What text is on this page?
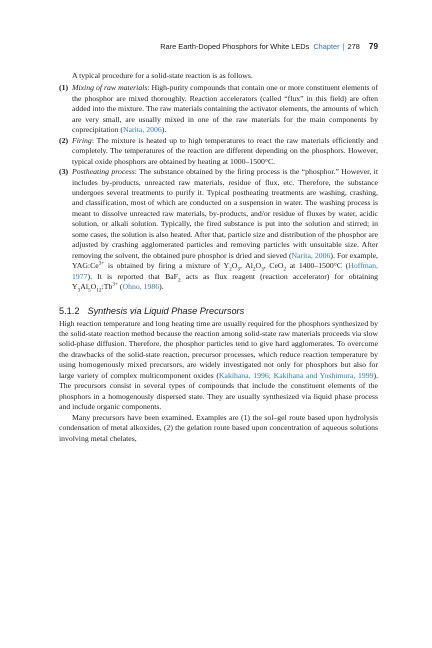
Rare Earth-Doped Phosphors for White LEDs Chapter | 278 79

A typical procedure for a solid-state reaction is as follows.

(1) Mixing of raw materials: High-purity compounds that contain one or more constituent elements of the phosphor are mixed thoroughly. Reaction accelerators (called “flux” in this field) are often added into the mixture. The raw materials containing the activator elements, the amounts of which are very small, are usually mixed in one of the raw materials for the main components by coprecipitation (Narita, 2006).

(2) Firing: The mixture is heated up to high temperatures to react the raw materials efficiently and completely. The temperatures of the reaction are different depending on the phosphors. However, typical oxide phosphors are obtained by heating at 1000–1500°C.

(3) Postheating process: The substance obtained by the firing process is the “phosphor.” However, it includes by-products, unreacted raw materials, residue of flux, etc. Therefore, the substance undergoes several treatments to purify it. Typical postheating treatments are washing, crashing, and classification, most of which are conducted on a suspension in water. The washing process is meant to dissolve unreacted raw materials, by-products, and/or residue of fluxes by water, acidic solution, or alkali solution. Typically, the fired substance is put into the solution and stirred; in some cases, the solution is also heated. After that, particle size and distribution of the phosphor are adjusted by crashing agglomerated particles and removing particles with unsuitable size. After removing the solvent, the obtained pure phosphor is dried and sieved (Narita, 2006). For example, $YAG:Ce^{3+}$ is obtained by firing a mixture of $Y_2O_3$, $Al_2O_3$, CeO$_2$ at 1400–1500°C (Hoffman, 1977). It is reported that BaF$_2$ acts as flux reagent (reaction accelerator) for obtaining $Y_3Al_5O_{12}:Tb^{3+}$ (Ohno, 1986).

5.1.2 Synthesis via Liquid Phase Precursors

High reaction temperature and long heating time are usually required for the phosphors synthesized by the solid-state reaction method because the reaction among solid-state raw materials proceeds via slow solid-phase diffusion. Therefore, the phosphor particles tend to give hard agglomerates. To overcome the drawbacks of the solid-state reaction, precursor processes, which reduce reaction temperature by using homogenously mixed precursors, are widely investigated not only for phosphors but also for large variety of complex multicomponent oxides (Kakihana, 1996; Kakihana and Yoshimura, 1999). The precursors consist in several types of compounds that include the constituent elements of the phosphors in a homogenously dispersed state. They are usually synthesized via liquid phase process and include organic components.

Many precursors have been examined. Examples are (1) the sol–gel route based upon hydrolysis condensation of metal alkoxides, (2) the gelation route based upon concentration of aqueous solutions involving metal chelates,
